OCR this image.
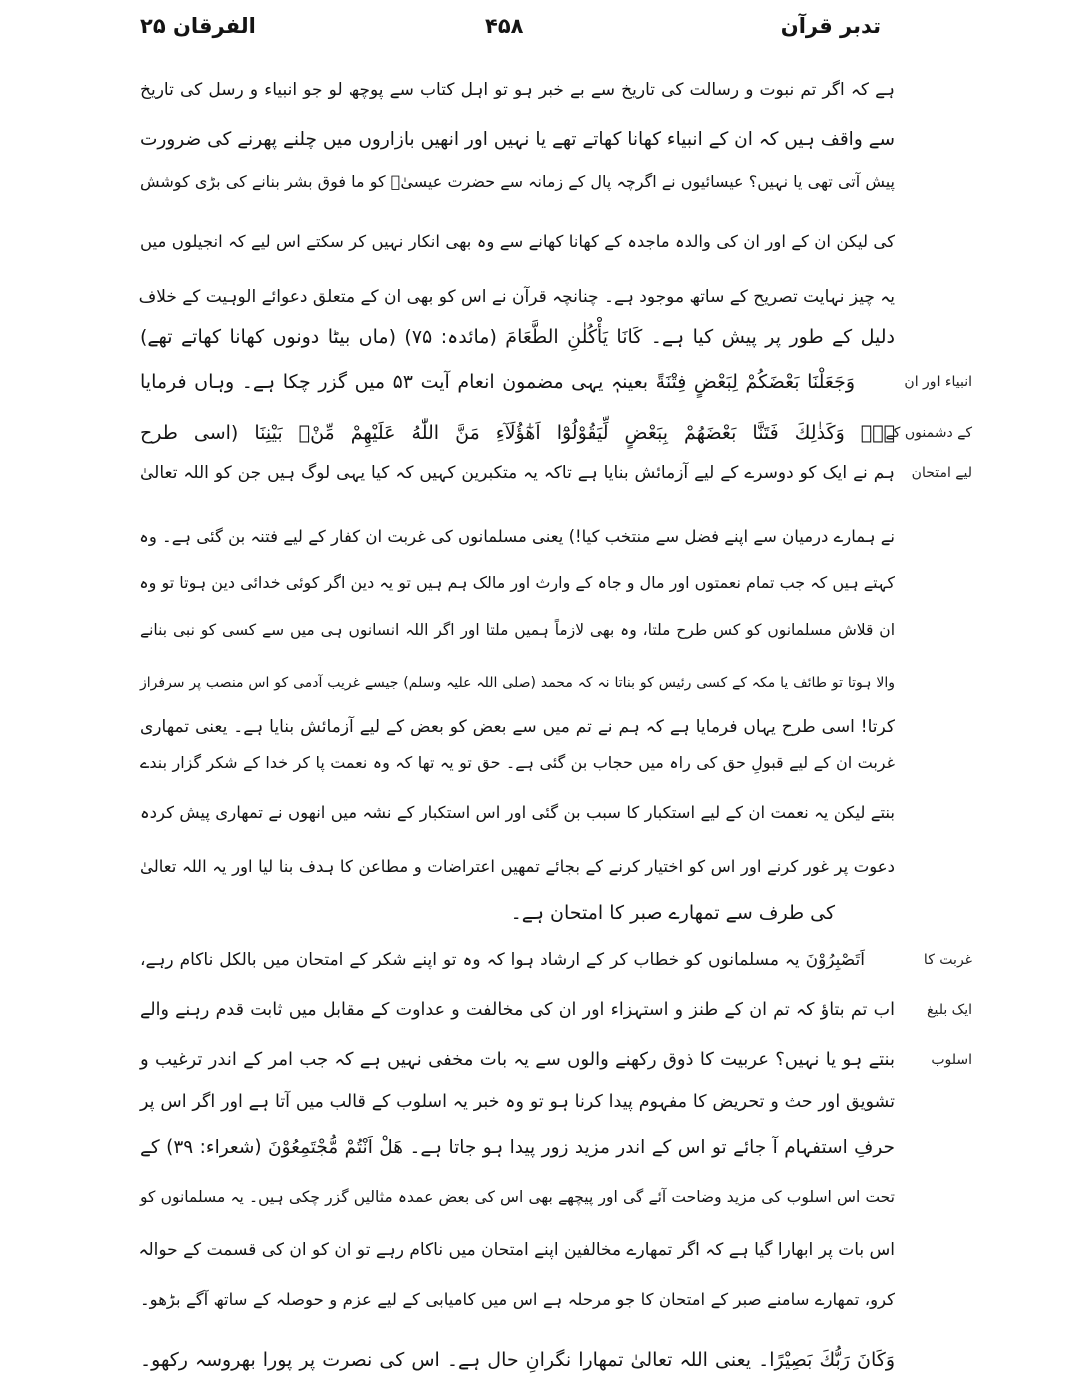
تدبر قرآن
۴۵۸
الفرقان ۲۵
ہے کہ اگر تم نبوت و رسالت کی تاریخ سے بے خبر ہو تو اہل کتاب سے پوچھ لو جو انبیاء و رسل کی تاریخ
سے واقف ہیں کہ ان کے انبیاء کھانا کھاتے تھے یا نہیں اور انھیں بازاروں میں چلنے پھرنے کی ضرورت
پیش آتی تھی یا نہیں؟ عیسائیوں نے اگرچہ پال کے زمانہ سے حضرت عیسیٰؑ کو ما فوق بشر بنانے کی بڑی کوشش
کی لیکن ان کے اور ان کی والدہ ماجدہ کے کھانا کھانے سے وہ بھی انکار نہیں کر سکتے اس لیے کہ انجیلوں میں
یہ چیز نہایت تصریح کے ساتھ موجود ہے۔ چنانچہ قرآن نے اس کو بھی ان کے متعلق دعوائے الوہیت کے خلاف
دلیل کے طور پر پیش کیا ہے۔ كَانَا يَأْكُلٰنِ الطَّعَامَ (مائدہ: ۷۵) (ماں بیٹا دونوں کھانا کھاتے تھے)
وَجَعَلْنَا بَعْضَكُمْ لِبَعْضٍ فِتْنَةً بعینہٖ یہی مضمون انعام آیت ۵۳ میں گزر چکا ہے۔ وہاں فرمایا
ہے۔ وَكَذٰلِكَ فَتَنَّا بَعْضَهُمْ بِبَعْضٍ لِّيَقُوْلُوْٓا اَهٰٓؤُلَآءِ مَنَّ اللّٰهُ عَلَيْهِمْ مِّنْۢ بَيْنِنَا (اسی طرح
ہم نے ایک کو دوسرے کے لیے آزمائش بنایا ہے تاکہ یہ متکبرین کہیں کہ کیا یہی لوگ ہیں جن کو اللہ تعالیٰ
نے ہمارے درمیان سے اپنے فضل سے منتخب کیا!) یعنی مسلمانوں کی غربت ان کفار کے لیے فتنہ بن گئی ہے۔ وہ
کہتے ہیں کہ جب تمام نعمتوں اور مال و جاہ کے وارث اور مالک ہم ہیں تو یہ دین اگر کوئی خدائی دین ہوتا تو وہ
ان قلاش مسلمانوں کو کس طرح ملتا، وہ بھی لازماً ہمیں ملتا اور اگر اللہ انسانوں ہی میں سے کسی کو نبی بنانے
والا ہوتا تو طائف یا مکہ کے کسی رئیس کو بناتا نہ کہ محمد (صلی اللہ علیہ وسلم) جیسے غریب آدمی کو اس منصب پر سرفراز
کرتا! اسی طرح یہاں فرمایا ہے کہ ہم نے تم میں سے بعض کو بعض کے لیے آزمائش بنایا ہے۔ یعنی تمھاری
غربت ان کے لیے قبولِ حق کی راہ میں حجاب بن گئی ہے۔ حق تو یہ تھا کہ وہ نعمت پا کر خدا کے شکر گزار بندے
بنتے لیکن یہ نعمت ان کے لیے استکبار کا سبب بن گئی اور اس استکبار کے نشہ میں انھوں نے تمھاری پیش کردہ
دعوت پر غور کرنے اور اس کو اختیار کرنے کے بجائے تمھیں اعتراضات و مطاعن کا ہدف بنا لیا اور یہ اللہ تعالیٰ
کی طرف سے تمھارے صبر کا امتحان ہے۔
انبیاء اور ان
کے دشمنوں کے
لیے امتحان
اَتَصْبِرُوْنَ یہ مسلمانوں کو خطاب کر کے ارشاد ہوا کہ وہ تو اپنے شکر کے امتحان میں بالکل ناکام رہے،
اب تم بتاؤ کہ تم ان کے طنز و استہزاء اور ان کی مخالفت و عداوت کے مقابل میں ثابت قدم رہنے والے
بنتے ہو یا نہیں؟ عربیت کا ذوق رکھنے والوں سے یہ بات مخفی نہیں ہے کہ جب امر کے اندر ترغیب و
تشویق اور حث و تحریض کا مفہوم پیدا کرنا ہو تو وہ خبر یہ اسلوب کے قالب میں آتا ہے اور اگر اس پر
حرفِ استفہام آ جائے تو اس کے اندر مزید زور پیدا ہو جاتا ہے۔ هَلْ اَنْتُمْ مُّجْتَمِعُوْنَ (شعراء: ۳۹) کے
تحت اس اسلوب کی مزید وضاحت آئے گی اور پیچھے بھی اس کی بعض عمدہ مثالیں گزر چکی ہیں۔ یہ مسلمانوں کو
اس بات پر ابھارا گیا ہے کہ اگر تمھارے مخالفین اپنے امتحان میں ناکام رہے تو ان کو ان کی قسمت کے حوالہ
کرو، تمھارے سامنے صبر کے امتحان کا جو مرحلہ ہے اس میں کامیابی کے لیے عزم و حوصلہ کے ساتھ آگے بڑھو۔
وَكَانَ رَبُّكَ بَصِيْرًا۔ یعنی اللہ تعالیٰ تمھارا نگرانِ حال ہے۔ اس کی نصرت پر پورا بھروسہ رکھو۔
غربت کا
ایک بلیغ
اسلوب
